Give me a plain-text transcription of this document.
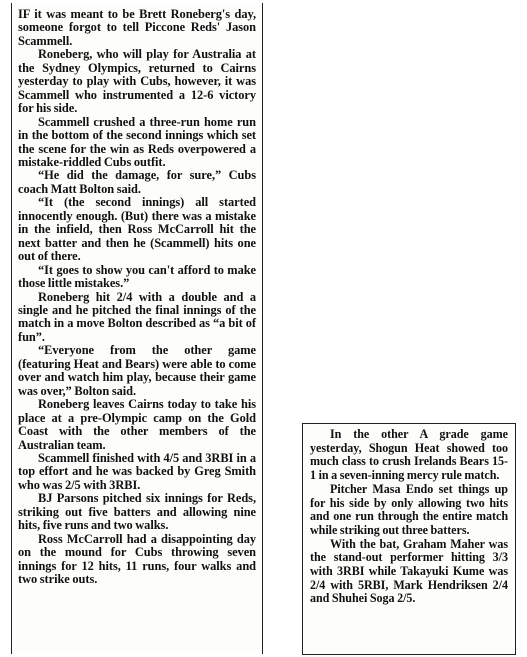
IF it was meant to be Brett Roneberg's day, someone forgot to tell Piccone Reds' Jason Scammell.

Roneberg, who will play for Australia at the Sydney Olympics, returned to Cairns yesterday to play with Cubs, however, it was Scammell who instrumented a 12-6 victory for his side.

Scammell crushed a three-run home run in the bottom of the second innings which set the scene for the win as Reds overpowered a mistake-riddled Cubs outfit.

“He did the damage, for sure,” Cubs coach Matt Bolton said.

“It (the second innings) all started innocently enough. (But) there was a mistake in the infield, then Ross McCarroll hit the next batter and then he (Scammell) hits one out of there.

“It goes to show you can't afford to make those little mistakes.”

Roneberg hit 2/4 with a double and a single and he pitched the final innings of the match in a move Bolton described as “a bit of fun”.

“Everyone from the other game (featuring Heat and Bears) were able to come over and watch him play, because their game was over,” Bolton said.

Roneberg leaves Cairns today to take his place at a pre-Olympic camp on the Gold Coast with the other members of the Australian team.

Scammell finished with 4/5 and 3RBI in a top effort and he was backed by Greg Smith who was 2/5 with 3RBI.

BJ Parsons pitched six innings for Reds, striking out five batters and allowing nine hits, five runs and two walks.

Ross McCarroll had a disappointing day on the mound for Cubs throwing seven innings for 12 hits, 11 runs, four walks and two strike outs.

In the other A grade game yesterday, Shogun Heat showed too much class to crush Irelands Bears 15-1 in a seven-inning mercy rule match.

Pitcher Masa Endo set things up for his side by only allowing two hits and one run through the entire match while striking out three batters.

With the bat, Graham Maher was the stand-out performer hitting 3/3 with 3RBI while Takayuki Kume was 2/4 with 5RBI, Mark Hendriksen 2/4 and Shuhei Soga 2/5.
